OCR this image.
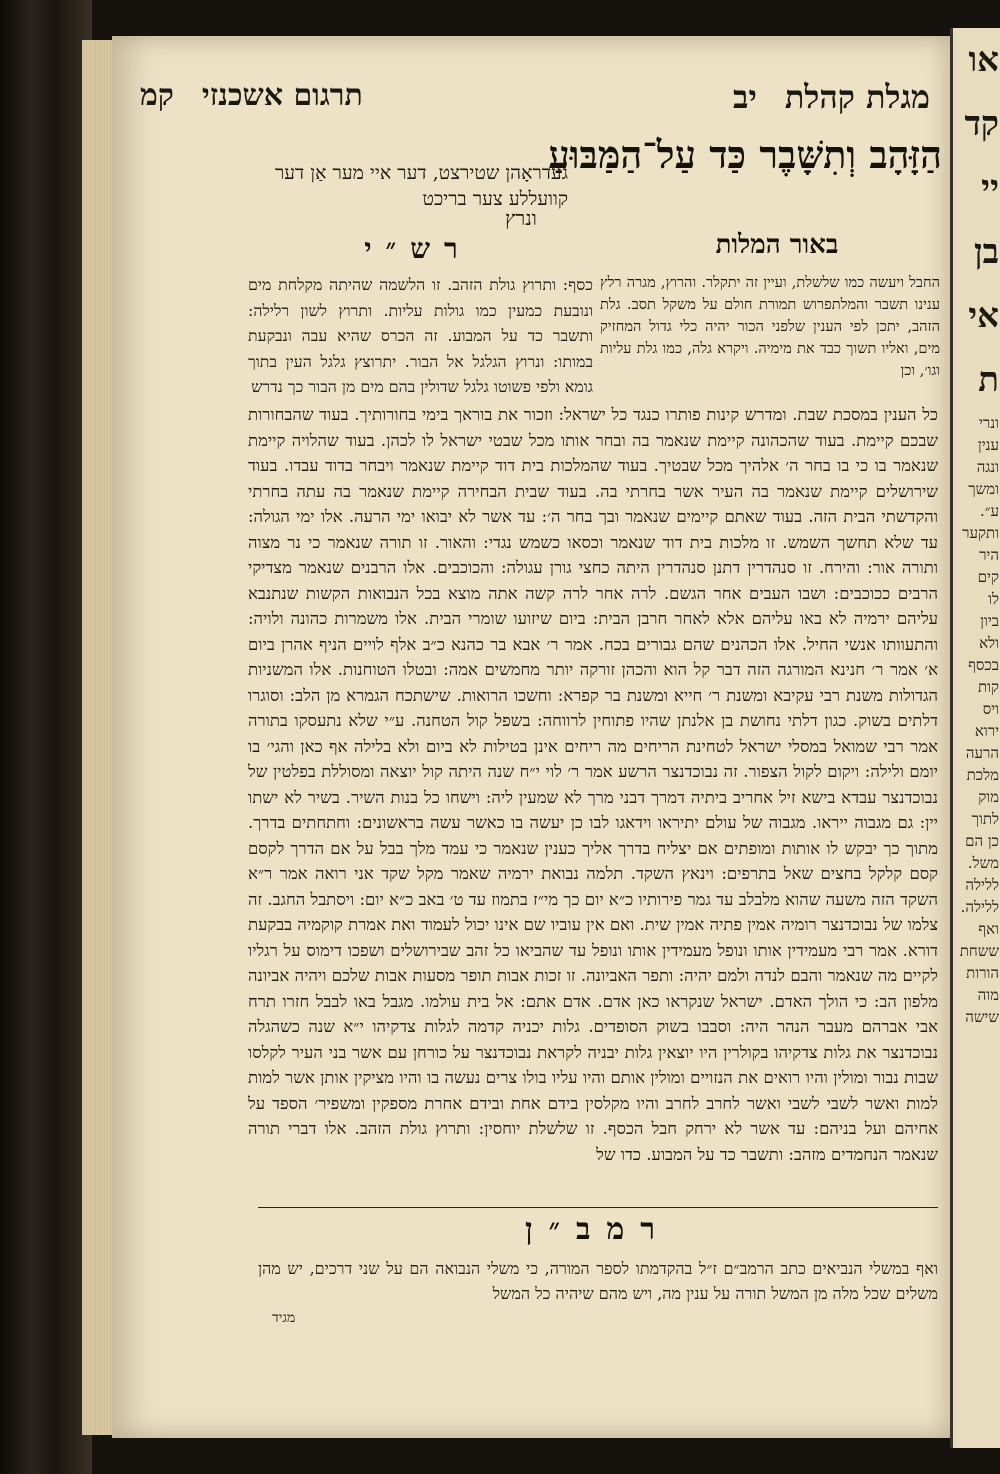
תרגום אשכנזיקמ	מגלת קהלתיב
הַזָּהָב וְתִשָּׁבֶר כַּד עַל־הַמַּבּוּעַ
געדראָהן שטירצט, דער איי מער אַן דער קוועללע צער בריכט
ונרץ
באור המלות
רש״י
החבל ויעשה כמו שלשלת, ועיין זה יתקלר. והרוץ, מגרה רלץ ענינו תשבר והמלתפרוש תמורת חולם על משקל תסב. גלת הזהב, יתכן לפי הענין שלפני הכור יהיה כלי גדול המחזיק מים, ואליו תשוך כבד את מימיה. ויקרא גלה, כמו גלת עליות וגו׳, וכן
כסף: ותרוץ גולת הזהב. זו הלשמה שהיתה מקלחת מים ונובעת כמעין כמו גולות עליות. ותרוץ לשון רלילה: ותשבר כד על המבוע. זה הכרס שהיא עבה ונבקעת במותו: ונרוץ הגלגל אל הבור. יתרוצץ גלגל העין בתוך גומא ולפי פשוטו גלגל שדולין בהם מים מן הבור כך נדרש
כל הענין במסכת שבת. ומדרש קינות פותרו כנגד כל ישראל: וזכור את בוראך בימי בחורותיך. בעוד שהבחורות שבכם קיימת. בעוד שהכהונה קיימת שנאמר בה ובחר אותו מכל שבטי ישראל לו לכהן. בעוד שהלויה קיימת שנאמר בו כי בו בחר ה׳ אלהיך מכל שבטיך. בעוד שהמלכות בית דוד קיימת שנאמר ויבחר בדוד עבדו. בעוד שירושלים קיימת שנאמר בה העיר אשר בחרתי בה. בעוד שבית הבחירה קיימת שנאמר בה עתה בחרתי והקדשתי הבית הזה. בעוד שאתם קיימים שנאמר ובך בחר ה׳: עד אשר לא יבואו ימי הרעה. אלו ימי הגולה: עד שלא תחשך השמש. זו מלכות בית דוד שנאמר וכסאו כשמש נגדי: והאור. זו תורה שנאמר כי נר מצוה ותורה אור: והירח. זו סנהדרין דתנן סנהדרין היתה כחצי גורן עגולה: והכוכבים. אלו הרבנים שנאמר מצדיקי הרבים ככוכבים: ושבו העבים אחר הגשם. לרה אחר לרה קשה אתה מוצא בכל הנבואות הקשות שנתנבא עליהם ירמיה לא באו עליהם אלא לאחר חרבן הבית: ביום שיזועו שומרי הבית. אלו משמרות כהונה ולויה: והתעוותו אנשי החיל. אלו הכהנים שהם גבורים בכח. אמר ר׳ אבא בר כהנא כ״ב אלף לויים הניף אהרן ביום א׳ אמר ר׳ חנינא המורגה הזה דבר קל הוא והכהן זורקה יותר מחמשים אמה: ובטלו הטוחנות. אלו המשניות הגדולות משנת רבי עקיבא ומשנת ר׳ חייא ומשנת בר קפרא: וחשכו הרואות. שישתכח הגמרא מן הלב: וסוגרו דלתים בשוק. כגון דלתי נחושת בן אלנתן שהיו פתוחין לרווחה: בשפל קול הטחנה. ע״י שלא נתעסקו בתורה אמר רבי שמואל במסלי ישראל לטחינת הריחים מה ריחים אינן בטילות לא ביום ולא בלילה אף כאן והגי׳ בו יומם ולילה: ויקום לקול הצפור. זה נבוכדנצר הרשע אמר ר׳ לוי י״ח שנה היתה קול יוצאה ומסוללת בפלטין של נבוכדנצר עבדא בישא זיל אחריב ביתיה דמרך דבני מרך לא שמעין ליה: וישחו כל בנות השיר. בשיר לא ישתו יין: גם מגבוה ייראו. מגבוה של עולם יתיראו וידאגו לבו כן יעשה בו כאשר עשה בראשונים: וחתחתים בדרך. מתוך כך יבקש לו אותות ומופתים אם יצליח בדרך אליך כענין שנאמר כי עמד מלך בבל על אם הדרך לקסם קסם קלקל בחצים שאל בתרפים: וינאץ השקד. תלמה נבואת ירמיה שאמר מקל שקד אני רואה אמר ר״א השקד הזה משעה שהוא מלבלב עד גמר פירותיו כ״א יום כך מי״ז בתמוז עד ט׳ באב כ״א יום: ויסתבל החגב. זה צלמו של נבוכדנצר רומיה אמין פתיה אמין שית. ואם אין עוביו שם אינו יכול לעמוד ואת אמרת קוקמיה בבקעת דורא. אמר רבי מעמידין אותו ונופל מעמידין אותו ונופל עד שהביאו כל זהב שבירושלים ושפכו דימוס על רגליו לקיים מה שנאמר והבם לנדה ולמם יהיה: ותפר האביונה. זו זכות אבות תופר מסעות אבות שלכם ויהיה אביונה מלפון הב: כי הולך האדם. ישראל שנקראו כאן אדם. אדם אתם: אל בית עולמו. מגבל באו לבבל חזרו תרח אבי אברהם מעבר הנהר היה: וסבבו בשוק הסופדים. גלות יכניה קדמה לגלות צדקיהו י״א שנה כשהגלה נבוכדנצר את גלות צדקיהו בקולרין היו יוצאין גלות יבניה לקראת נבוכדנצר על כורחן עם אשר בני העיר לקלסו שבות נבור ומולין והיו רואים את הנזויים ומולין אותם והיו עליו בולו צרים נעשה בו והיו מציקין אותן אשר למות למות ואשר לשבי לשבי ואשר לחרב לחרב והיו מקלסין בידם אחת ובידם אחרת מספקין ומשפיר׳ הספד על אחיהם ועל בניהם: עד אשר לא ירחק חבל הכסף. זו שלשלת יוחסין: ותרוץ גולת הזהב. אלו דברי תורה שנאמר הנחמדים מזהב: ותשבר כד על המבוע. כדו של
רמב״ן
ואף במשלי הנביאים כתב הרמב״ם ז״ל בהקדמתו לספר המורה, כי משלי הנבואה הם על שני דרכים, יש מהן משלים שכל מלה מן המשל תורה על ענין מה, ויש מהם שיהיה כל המשל
מגיד
או
קד
יי
בן
אי
ת
ונרי
ענין
ונגה
ומשך
ע״.
ותקער
היר
קים
לו
ביון
ולא
בכסף
קות
ויס
ירוא
הרעה
מלכת
מוק
לתוך
כן הם
משל.
ללילה
ללילה.
ואף
ששחת
הורות
מוה
שישה
